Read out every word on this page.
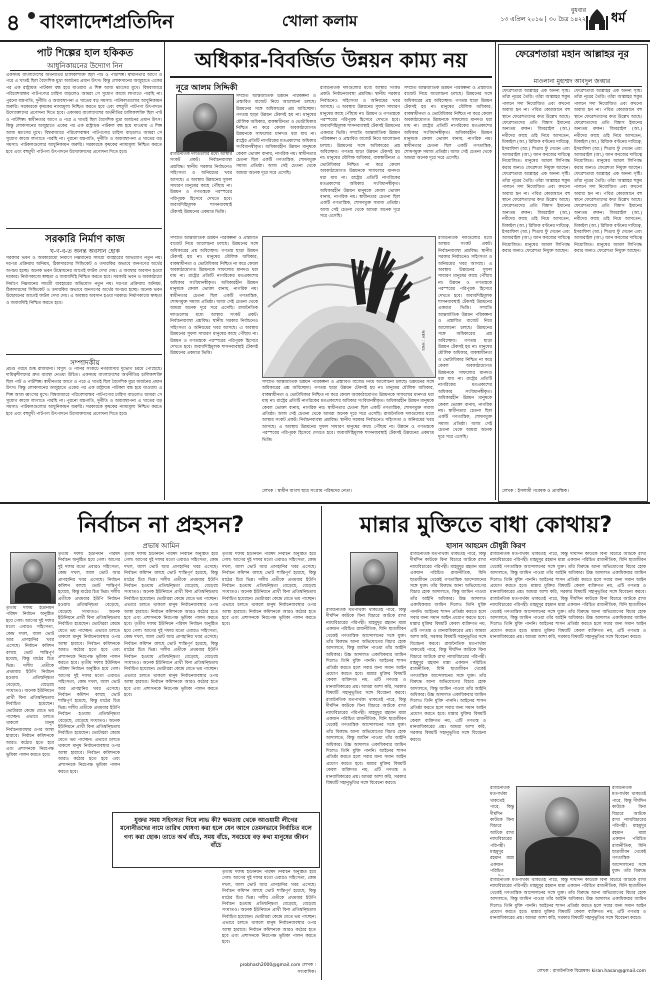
৪ বাংলাদেশপ্রতিদিন	খোলা কলাম
বুধবার
১৩ এপ্রিল ২০১৬ | ৩০ চৈত্র ১৪২২ ধর্ম
পাট শিল্পের হাল হকিকত
আধুনিকায়নের উদ্যোগ নিন
একসময় বাংলাদেশের অর্থনীতির চালিকাশক্তি ছিল পাট ও পাটশিল্প। স্বাধীনতার আগে ও পরে এ খাতই ছিল বৈদেশিক মুদ্রা অর্জনের প্রধান উৎস। কিন্তু লোকসানের অজুহাতে একের পর এক রাষ্ট্রায়ত্ত পাটকল বন্ধ হয়ে যাওয়ায় এ শিল্প আজ ধ্বংসের মুখে। বিশ্ববাজারে পরিবেশবান্ধব পাটপণ্যের চাহিদা বাড়লেও আমরা সে সুযোগ কাজে লাগাতে পারছি না। পুরনো যন্ত্রপাতি, দুর্নীতি ও অব্যবস্থাপনা এ খাতের বড় সমস্যা। পাটকলগুলোর আধুনিকায়ন জরুরি। সরকারকে কৃষকের ন্যায্যমূল্য নিশ্চিত করতে হবে এবং বহুমুখী পাটপণ্য উৎপাদনে উদ্যোক্তাদের প্রণোদনা দিতে হবে। একসময় বাংলাদেশের অর্থনীতির চালিকাশক্তি ছিল পাট ও পাটশিল্প। স্বাধীনতার আগে ও পরে এ খাতই ছিল বৈদেশিক মুদ্রা অর্জনের প্রধান উৎস। কিন্তু লোকসানের অজুহাতে একের পর এক রাষ্ট্রায়ত্ত পাটকল বন্ধ হয়ে যাওয়ায় এ শিল্প আজ ধ্বংসের মুখে। বিশ্ববাজারে পরিবেশবান্ধব পাটপণ্যের চাহিদা বাড়লেও আমরা সে সুযোগ কাজে লাগাতে পারছি না। পুরনো যন্ত্রপাতি, দুর্নীতি ও অব্যবস্থাপনা এ খাতের বড় সমস্যা। পাটকলগুলোর আধুনিকায়ন জরুরি। সরকারকে কৃষকের ন্যায্যমূল্য নিশ্চিত করতে হবে এবং বহুমুখী পাটপণ্য উৎপাদনে উদ্যোক্তাদের প্রণোদনা দিতে হবে।
সরকারি নির্মাণ কাজ
ঘ-ণ-ব-ত অনন্ত অবসান হোক
সরকারি ভবন ও অবকাঠামো নির্মাণে নিম্নমানের সামগ্রী ব্যবহারের অভিযোগ নতুন নয়। দরপত্র প্রক্রিয়ায় অনিয়ম, ঠিকাদারদের সিন্ডিকেট ও তদারকির অভাবে জনগণের অর্থের অপচয় হচ্ছে। অনেক ভবন উদ্বোধনের আগেই ফাটল দেখা দেয়। এ অবস্থার অবসান হওয়া দরকার। নির্মাণকাজে স্বচ্ছতা ও জবাবদিহি নিশ্চিত করতে হবে। সরকারি ভবন ও অবকাঠামো নির্মাণে নিম্নমানের সামগ্রী ব্যবহারের অভিযোগ নতুন নয়। দরপত্র প্রক্রিয়ায় অনিয়ম, ঠিকাদারদের সিন্ডিকেট ও তদারকির অভাবে জনগণের অর্থের অপচয় হচ্ছে। অনেক ভবন উদ্বোধনের আগেই ফাটল দেখা দেয়। এ অবস্থার অবসান হওয়া দরকার। নির্মাণকাজে স্বচ্ছতা ও জবাবদিহি নিশ্চিত করতে হবে।
সম্পাদকীয়
প্রচণ্ড গরমে শুষ্ক রাজধানী। বিদ্যুৎ ও পানির সংকটে নগরবাসীর দুর্ভোগ চরমে পৌঁছেছে। দায়িত্বশীলদের দ্রুত ব্যবস্থা নেওয়া উচিত। একসময় বাংলাদেশের অর্থনীতির চালিকাশক্তি ছিল পাট ও পাটশিল্প। স্বাধীনতার আগে ও পরে এ খাতই ছিল বৈদেশিক মুদ্রা অর্জনের প্রধান উৎস। কিন্তু লোকসানের অজুহাতে একের পর এক রাষ্ট্রায়ত্ত পাটকল বন্ধ হয়ে যাওয়ায় এ শিল্প আজ ধ্বংসের মুখে। বিশ্ববাজারে পরিবেশবান্ধব পাটপণ্যের চাহিদা বাড়লেও আমরা সে সুযোগ কাজে লাগাতে পারছি না। পুরনো যন্ত্রপাতি, দুর্নীতি ও অব্যবস্থাপনা এ খাতের বড় সমস্যা। পাটকলগুলোর আধুনিকায়ন জরুরি। সরকারকে কৃষকের ন্যায্যমূল্য নিশ্চিত করতে হবে এবং বহুমুখী পাটপণ্য উৎপাদনে উদ্যোক্তাদের প্রণোদনা দিতে হবে।
অধিকার-বিবর্জিত উন্নয়ন কাম্য নয়
নূরে আলম সিদ্দিকী
সম্প্রতি আন্তর্জাতিক উন্নয়ন পরিকল্পনা ও প্রস্তাবিত বাজেট নিয়ে আলোচনা চলছে। উন্নয়নের সঙ্গে অধিকারের প্রশ্ন অবিচ্ছেদ্য। গণতন্ত্র ছাড়া উন্নয়ন টেকসই হয় না। মানুষের মৌলিক অধিকার, বাকস্বাধীনতা ও ভোটাধিকার নিশ্চিত না করে কেবল অবকাঠামোগত উন্নয়নকে সাফল্যের মানদণ্ড ধরা যায় না। রাষ্ট্রের প্রতিটি নাগরিকের মতপ্রকাশের অধিকার সংবিধানস্বীকৃত। অধিকারহীন উন্নয়ন মানুষকে কেবল ভোক্তা বানায়, নাগরিক নয়। স্বাধীনতার চেতনা ছিল একটি গণতান্ত্রিক, শোষণমুক্ত সমাজ প্রতিষ্ঠা। আজ সেই চেতনা থেকে আমরা অনেক দূরে সরে এসেছি।
রাজনৈতিক দলগুলোর মধ্যে আস্থার সংকট প্রকট। নির্বাচনব্যবস্থা প্রশ্নবিদ্ধ। স্থানীয় সরকার নির্বাচনেও সহিংসতা ও অনিয়মের খবর আসছে। এ অবস্থায় উন্নয়নের সুফল সাধারণ মানুষের কাছে পৌঁছায় না। উন্নয়ন ও গণতন্ত্রকে পরস্পরের পরিপূরক হিসেবে দেখতে হবে। জবাবদিহিমূলক শাসনব্যবস্থাই টেকসই উন্নয়নের একমাত্র ভিত্তি। সম্প্রতি আন্তর্জাতিক উন্নয়ন পরিকল্পনা ও প্রস্তাবিত বাজেট নিয়ে আলোচনা চলছে। উন্নয়নের সঙ্গে অধিকারের প্রশ্ন অবিচ্ছেদ্য। গণতন্ত্র ছাড়া উন্নয়ন টেকসই হয় না। মানুষের মৌলিক অধিকার, বাকস্বাধীনতা ও ভোটাধিকার নিশ্চিত না করে কেবল অবকাঠামোগত উন্নয়নকে সাফল্যের মানদণ্ড ধরা যায় না। রাষ্ট্রের প্রতিটি নাগরিকের মতপ্রকাশের অধিকার সংবিধানস্বীকৃত। অধিকারহীন উন্নয়ন মানুষকে কেবল ভোক্তা বানায়, নাগরিক নয়। স্বাধীনতার চেতনা ছিল একটি গণতান্ত্রিক, শোষণমুক্ত সমাজ প্রতিষ্ঠা। আজ সেই চেতনা থেকে আমরা অনেক দূরে সরে এসেছি।
সম্প্রতি আন্তর্জাতিক উন্নয়ন পরিকল্পনা ও প্রস্তাবিত বাজেট নিয়ে আলোচনা চলছে। উন্নয়নের সঙ্গে অধিকারের প্রশ্ন অবিচ্ছেদ্য। গণতন্ত্র ছাড়া উন্নয়ন টেকসই হয় না। মানুষের মৌলিক অধিকার, বাকস্বাধীনতা ও ভোটাধিকার নিশ্চিত না করে কেবল অবকাঠামোগত উন্নয়নকে সাফল্যের মানদণ্ড ধরা যায় না। রাষ্ট্রের প্রতিটি নাগরিকের মতপ্রকাশের অধিকার সংবিধানস্বীকৃত। অধিকারহীন উন্নয়ন মানুষকে কেবল ভোক্তা বানায়, নাগরিক নয়। স্বাধীনতার চেতনা ছিল একটি গণতান্ত্রিক, শোষণমুক্ত সমাজ প্রতিষ্ঠা। আজ সেই চেতনা থেকে আমরা অনেক দূরে সরে এসেছি।
রাজনৈতিক দলগুলোর মধ্যে আস্থার সংকট প্রকট। নির্বাচনব্যবস্থা প্রশ্নবিদ্ধ। স্থানীয় সরকার নির্বাচনেও সহিংসতা ও অনিয়মের খবর আসছে। এ অবস্থায় উন্নয়নের সুফল সাধারণ মানুষের কাছে পৌঁছায় না। উন্নয়ন ও গণতন্ত্রকে পরস্পরের পরিপূরক হিসেবে দেখতে হবে। জবাবদিহিমূলক শাসনব্যবস্থাই টেকসই উন্নয়নের একমাত্র ভিত্তি।
অঙ্কন : তন্ময়
সম্প্রতি আন্তর্জাতিক উন্নয়ন পরিকল্পনা ও প্রস্তাবিত বাজেট নিয়ে আলোচনা চলছে। উন্নয়নের সঙ্গে অধিকারের প্রশ্ন অবিচ্ছেদ্য। গণতন্ত্র ছাড়া উন্নয়ন টেকসই হয় না। মানুষের মৌলিক অধিকার, বাকস্বাধীনতা ও ভোটাধিকার নিশ্চিত না করে কেবল অবকাঠামোগত উন্নয়নকে সাফল্যের মানদণ্ড ধরা যায় না। রাষ্ট্রের প্রতিটি নাগরিকের মতপ্রকাশের অধিকার সংবিধানস্বীকৃত। অধিকারহীন উন্নয়ন মানুষকে কেবল ভোক্তা বানায়, নাগরিক নয়। স্বাধীনতার চেতনা ছিল একটি গণতান্ত্রিক, শোষণমুক্ত সমাজ প্রতিষ্ঠা। আজ সেই চেতনা থেকে আমরা অনেক দূরে সরে এসেছি। রাজনৈতিক দলগুলোর মধ্যে আস্থার সংকট প্রকট। নির্বাচনব্যবস্থা প্রশ্নবিদ্ধ। স্থানীয় সরকার নির্বাচনেও সহিংসতা ও অনিয়মের খবর আসছে। এ অবস্থায় উন্নয়নের সুফল সাধারণ মানুষের কাছে পৌঁছায় না। উন্নয়ন ও গণতন্ত্রকে পরস্পরের পরিপূরক হিসেবে দেখতে হবে। জবাবদিহিমূলক শাসনব্যবস্থাই টেকসই উন্নয়নের একমাত্র ভিত্তি।
রাজনৈতিক দলগুলোর মধ্যে আস্থার সংকট প্রকট। নির্বাচনব্যবস্থা প্রশ্নবিদ্ধ। স্থানীয় সরকার নির্বাচনেও সহিংসতা ও অনিয়মের খবর আসছে। এ অবস্থায় উন্নয়নের সুফল সাধারণ মানুষের কাছে পৌঁছায় না। উন্নয়ন ও গণতন্ত্রকে পরস্পরের পরিপূরক হিসেবে দেখতে হবে। জবাবদিহিমূলক শাসনব্যবস্থাই টেকসই উন্নয়নের একমাত্র ভিত্তি। সম্প্রতি আন্তর্জাতিক উন্নয়ন পরিকল্পনা ও প্রস্তাবিত বাজেট নিয়ে আলোচনা চলছে। উন্নয়নের সঙ্গে অধিকারের প্রশ্ন অবিচ্ছেদ্য। গণতন্ত্র ছাড়া উন্নয়ন টেকসই হয় না। মানুষের মৌলিক অধিকার, বাকস্বাধীনতা ও ভোটাধিকার নিশ্চিত না করে কেবল অবকাঠামোগত উন্নয়নকে সাফল্যের মানদণ্ড ধরা যায় না। রাষ্ট্রের প্রতিটি নাগরিকের মতপ্রকাশের অধিকার সংবিধানস্বীকৃত। অধিকারহীন উন্নয়ন মানুষকে কেবল ভোক্তা বানায়, নাগরিক নয়। স্বাধীনতার চেতনা ছিল একটি গণতান্ত্রিক, শোষণমুক্ত সমাজ প্রতিষ্ঠা। আজ সেই চেতনা থেকে আমরা অনেক দূরে সরে এসেছি।
সম্প্রতি আন্তর্জাতিক উন্নয়ন পরিকল্পনা ও প্রস্তাবিত বাজেট নিয়ে আলোচনা চলছে। উন্নয়নের সঙ্গে অধিকারের প্রশ্ন অবিচ্ছেদ্য। গণতন্ত্র ছাড়া উন্নয়ন টেকসই হয় না। মানুষের মৌলিক অধিকার, বাকস্বাধীনতা ও ভোটাধিকার নিশ্চিত না করে কেবল অবকাঠামোগত উন্নয়নকে সাফল্যের মানদণ্ড ধরা যায় না। রাষ্ট্রের প্রতিটি নাগরিকের মতপ্রকাশের অধিকার সংবিধানস্বীকৃত। অধিকারহীন উন্নয়ন মানুষকে কেবল ভোক্তা বানায়, নাগরিক নয়। স্বাধীনতার চেতনা ছিল একটি গণতান্ত্রিক, শোষণমুক্ত সমাজ প্রতিষ্ঠা। আজ সেই চেতনা থেকে আমরা অনেক দূরে সরে এসেছি। রাজনৈতিক দলগুলোর মধ্যে আস্থার সংকট প্রকট। নির্বাচনব্যবস্থা প্রশ্নবিদ্ধ। স্থানীয় সরকার নির্বাচনেও সহিংসতা ও অনিয়মের খবর আসছে। এ অবস্থায় উন্নয়নের সুফল সাধারণ মানুষের কাছে পৌঁছায় না। উন্নয়ন ও গণতন্ত্রকে পরস্পরের পরিপূরক হিসেবে দেখতে হবে। জবাবদিহিমূলক শাসনব্যবস্থাই টেকসই উন্নয়নের একমাত্র ভিত্তি।
লেখক : স্বাধীন বাংলা ছাত্র সংগ্রাম পরিষদের নেতা।
ফেরেশতারা মহান আল্লাহর নূর
মাওলানা মুহাম্মদ আবদুল জব্বার
ফেরেশতারা আল্লাহর এক অনন্য সৃষ্টি। তাঁরা নূরের তৈরি। তাঁরা আল্লাহর হুকুম পালনে সদা নিয়োজিত এবং কখনো অবাধ্য হন না। পবিত্র কোরআনে বহু স্থানে ফেরেশতাদের কথা উল্লেখ আছে। ফেরেশতাদের প্রতি বিশ্বাস ইমানের অন্যতম রুকন। জিবরাইল (আ.) নবীদের কাছে ওহি নিয়ে আসতেন, মিকাইল (আ.) রিজিক বণ্টনের দায়িত্বে, ইসরাফিল (আ.) শিঙায় ফুঁ দেবেন এবং আজরাইল (আ.) জান কবজের দায়িত্বে নিয়োজিত। মানুষের আমল লিপিবদ্ধ করার জন্যও ফেরেশতা নিযুক্ত আছেন। ফেরেশতারা আল্লাহর এক অনন্য সৃষ্টি। তাঁরা নূরের তৈরি। তাঁরা আল্লাহর হুকুম পালনে সদা নিয়োজিত এবং কখনো অবাধ্য হন না। পবিত্র কোরআনে বহু স্থানে ফেরেশতাদের কথা উল্লেখ আছে। ফেরেশতাদের প্রতি বিশ্বাস ইমানের অন্যতম রুকন। জিবরাইল (আ.) নবীদের কাছে ওহি নিয়ে আসতেন, মিকাইল (আ.) রিজিক বণ্টনের দায়িত্বে, ইসরাফিল (আ.) শিঙায় ফুঁ দেবেন এবং আজরাইল (আ.) জান কবজের দায়িত্বে নিয়োজিত। মানুষের আমল লিপিবদ্ধ করার জন্যও ফেরেশতা নিযুক্ত আছেন।
ফেরেশতারা আল্লাহর এক অনন্য সৃষ্টি। তাঁরা নূরের তৈরি। তাঁরা আল্লাহর হুকুম পালনে সদা নিয়োজিত এবং কখনো অবাধ্য হন না। পবিত্র কোরআনে বহু স্থানে ফেরেশতাদের কথা উল্লেখ আছে। ফেরেশতাদের প্রতি বিশ্বাস ইমানের অন্যতম রুকন। জিবরাইল (আ.) নবীদের কাছে ওহি নিয়ে আসতেন, মিকাইল (আ.) রিজিক বণ্টনের দায়িত্বে, ইসরাফিল (আ.) শিঙায় ফুঁ দেবেন এবং আজরাইল (আ.) জান কবজের দায়িত্বে নিয়োজিত। মানুষের আমল লিপিবদ্ধ করার জন্যও ফেরেশতা নিযুক্ত আছেন। ফেরেশতারা আল্লাহর এক অনন্য সৃষ্টি। তাঁরা নূরের তৈরি। তাঁরা আল্লাহর হুকুম পালনে সদা নিয়োজিত এবং কখনো অবাধ্য হন না। পবিত্র কোরআনে বহু স্থানে ফেরেশতাদের কথা উল্লেখ আছে। ফেরেশতাদের প্রতি বিশ্বাস ইমানের অন্যতম রুকন। জিবরাইল (আ.) নবীদের কাছে ওহি নিয়ে আসতেন, মিকাইল (আ.) রিজিক বণ্টনের দায়িত্বে, ইসরাফিল (আ.) শিঙায় ফুঁ দেবেন এবং আজরাইল (আ.) জান কবজের দায়িত্বে নিয়োজিত। মানুষের আমল লিপিবদ্ধ করার জন্যও ফেরেশতা নিযুক্ত আছেন।
লেখক : ইসলামী গবেষক ও প্রাবন্ধিক।
নির্বাচন না প্রহসন?
প্রভাষ আমিন
তৃতীয় দফায় ইউনিয়ন পরিষদ নির্বাচন অনুষ্ঠিত হয়ে গেল। আগের দুই দফার মতো এবারও সহিংসতা, কেন্দ্র দখল, জাল ভোট আর প্রাণহানির খবর এসেছে। নির্বাচন কমিশন বলছে ভোট শান্তিপূর্ণ হয়েছে, কিন্তু মাঠের চিত্র ভিন্ন। দলীয় প্রতীকে প্রথমবার ইউপি নির্বাচন হওয়ায় প্রতিদ্বন্দ্বিতা বেড়েছে, বেড়েছে সংঘাতও। অনেক ইউনিয়নে প্রার্থী বিনা প্রতিদ্বন্দ্বিতায় নির্বাচিত হয়েছেন। ভোটাররা কেন্দ্রে যেতে ভয় পাচ্ছেন। এভাবে চলতে থাকলে মানুষ নির্বাচনব্যবস্থার ওপর আস্থা হারাবে। নির্বাচন কমিশনকে আরও কঠোর হতে হবে এবং প্রশাসনকে নিরপেক্ষ ভূমিকা পালন করতে হবে। তৃতীয় দফায় ইউনিয়ন পরিষদ নির্বাচন অনুষ্ঠিত হয়ে গেল। আগের দুই দফার মতো এবারও সহিংসতা, কেন্দ্র দখল, জাল ভোট আর প্রাণহানির খবর এসেছে। নির্বাচন কমিশন বলছে ভোট শান্তিপূর্ণ হয়েছে, কিন্তু মাঠের চিত্র ভিন্ন। দলীয় প্রতীকে প্রথমবার ইউপি নির্বাচন হওয়ায় প্রতিদ্বন্দ্বিতা বেড়েছে, বেড়েছে সংঘাতও। অনেক ইউনিয়নে প্রার্থী বিনা প্রতিদ্বন্দ্বিতায় নির্বাচিত হয়েছেন। ভোটাররা কেন্দ্রে যেতে ভয় পাচ্ছেন। এভাবে চলতে থাকলে মানুষ নির্বাচনব্যবস্থার ওপর আস্থা হারাবে। নির্বাচন কমিশনকে আরও কঠোর হতে হবে এবং প্রশাসনকে নিরপেক্ষ ভূমিকা পালন করতে হবে।
তৃতীয় দফায় ইউনিয়ন পরিষদ নির্বাচন অনুষ্ঠিত হয়ে গেল। আগের দুই দফার মতো এবারও সহিংসতা, কেন্দ্র দখল, জাল ভোট আর প্রাণহানির খবর এসেছে। নির্বাচন কমিশন বলছে ভোট শান্তিপূর্ণ হয়েছে, কিন্তু মাঠের চিত্র ভিন্ন। দলীয় প্রতীকে প্রথমবার ইউপি নির্বাচন হওয়ায় প্রতিদ্বন্দ্বিতা বেড়েছে, বেড়েছে সংঘাতও। অনেক ইউনিয়নে প্রার্থী বিনা প্রতিদ্বন্দ্বিতায় নির্বাচিত হয়েছেন। ভোটাররা কেন্দ্রে যেতে ভয় পাচ্ছেন। এভাবে চলতে থাকলে মানুষ নির্বাচনব্যবস্থার ওপর আস্থা হারাবে। নির্বাচন কমিশনকে আরও কঠোর হতে হবে এবং প্রশাসনকে নিরপেক্ষ ভূমিকা পালন করতে হবে।
তৃতীয় দফায় ইউনিয়ন পরিষদ নির্বাচন অনুষ্ঠিত হয়ে গেল। আগের দুই দফার মতো এবারও সহিংসতা, কেন্দ্র দখল, জাল ভোট আর প্রাণহানির খবর এসেছে। নির্বাচন কমিশন বলছে ভোট শান্তিপূর্ণ হয়েছে, কিন্তু মাঠের চিত্র ভিন্ন। দলীয় প্রতীকে প্রথমবার ইউপি নির্বাচন হওয়ায় প্রতিদ্বন্দ্বিতা বেড়েছে, বেড়েছে সংঘাতও। অনেক ইউনিয়নে প্রার্থী বিনা প্রতিদ্বন্দ্বিতায় নির্বাচিত হয়েছেন। ভোটাররা কেন্দ্রে যেতে ভয় পাচ্ছেন। এভাবে চলতে থাকলে মানুষ নির্বাচনব্যবস্থার ওপর আস্থা হারাবে। নির্বাচন কমিশনকে আরও কঠোর হতে হবে এবং প্রশাসনকে নিরপেক্ষ ভূমিকা পালন করতে হবে। তৃতীয় দফায় ইউনিয়ন পরিষদ নির্বাচন অনুষ্ঠিত হয়ে গেল। আগের দুই দফার মতো এবারও সহিংসতা, কেন্দ্র দখল, জাল ভোট আর প্রাণহানির খবর এসেছে। নির্বাচন কমিশন বলছে ভোট শান্তিপূর্ণ হয়েছে, কিন্তু মাঠের চিত্র ভিন্ন। দলীয় প্রতীকে প্রথমবার ইউপি নির্বাচন হওয়ায় প্রতিদ্বন্দ্বিতা বেড়েছে, বেড়েছে সংঘাতও। অনেক ইউনিয়নে প্রার্থী বিনা প্রতিদ্বন্দ্বিতায় নির্বাচিত হয়েছেন। ভোটাররা কেন্দ্রে যেতে ভয় পাচ্ছেন। এভাবে চলতে থাকলে মানুষ নির্বাচনব্যবস্থার ওপর আস্থা হারাবে। নির্বাচন কমিশনকে আরও কঠোর হতে হবে এবং প্রশাসনকে নিরপেক্ষ ভূমিকা পালন করতে হবে।
তৃতীয় দফায় ইউনিয়ন পরিষদ নির্বাচন অনুষ্ঠিত হয়ে গেল। আগের দুই দফার মতো এবারও সহিংসতা, কেন্দ্র দখল, জাল ভোট আর প্রাণহানির খবর এসেছে। নির্বাচন কমিশন বলছে ভোট শান্তিপূর্ণ হয়েছে, কিন্তু মাঠের চিত্র ভিন্ন। দলীয় প্রতীকে প্রথমবার ইউপি নির্বাচন হওয়ায় প্রতিদ্বন্দ্বিতা বেড়েছে, বেড়েছে সংঘাতও। অনেক ইউনিয়নে প্রার্থী বিনা প্রতিদ্বন্দ্বিতায় নির্বাচিত হয়েছেন। ভোটাররা কেন্দ্রে যেতে ভয় পাচ্ছেন। এভাবে চলতে থাকলে মানুষ নির্বাচনব্যবস্থার ওপর আস্থা হারাবে। নির্বাচন কমিশনকে আরও কঠোর হতে হবে এবং প্রশাসনকে নিরপেক্ষ ভূমিকা পালন করতে হবে।
যুক্তর সময় সহিংসতা দিয়ে লাভ কী? ক্ষমতায় থেকে আওয়ামী লীগের মনোনীতদের নামে তারিখ ঘোষণা করা হলে যেন আগে তেমনভাবে নির্বাচিত বলে গণ্য করা হোক। তাতে অর্থ বাঁচে, সময় বাঁচে, সবচেয়ে বড় কথা মানুষের জীবন বাঁচে
তৃতীয় দফায় ইউনিয়ন পরিষদ নির্বাচন অনুষ্ঠিত হয়ে গেল। আগের দুই দফার মতো এবারও সহিংসতা, কেন্দ্র দখল, জাল ভোট আর প্রাণহানির খবর এসেছে। নির্বাচন কমিশন বলছে ভোট শান্তিপূর্ণ হয়েছে, কিন্তু মাঠের চিত্র ভিন্ন। দলীয় প্রতীকে প্রথমবার ইউপি নির্বাচন হওয়ায় প্রতিদ্বন্দ্বিতা বেড়েছে, বেড়েছে সংঘাতও। অনেক ইউনিয়নে প্রার্থী বিনা প্রতিদ্বন্দ্বিতায় নির্বাচিত হয়েছেন। ভোটাররা কেন্দ্রে যেতে ভয় পাচ্ছেন। এভাবে চলতে থাকলে মানুষ নির্বাচনব্যবস্থার ওপর আস্থা হারাবে। নির্বাচন কমিশনকে আরও কঠোর হতে হবে এবং প্রশাসনকে নিরপেক্ষ ভূমিকা পালন করতে হবে।
probhash2000@gmail.com লেখক : সাংবাদিক।
মান্নার মুক্তিতে বাধা কোথায়?
হাসান আহমেদ চৌধুরী কিরণ
রাজনৈতিক মতপার্থক্য থাকতেই পারে, কিন্তু দীর্ঘদিন কাউকে বিনা বিচারে আটকে রাখা ন্যায়বিচারের পরিপন্থী। মাহমুদুর রহমান মান্না একজন পরিচিত রাজনীতিক, যিনি ছাত্রজীবন থেকেই গণতান্ত্রিক আন্দোলনের সঙ্গে যুক্ত। তাঁর বিরুদ্ধে আনা অভিযোগের বিচার হোক আদালতে, কিন্তু জামিন পাওয়া তাঁর আইনি অধিকার। উচ্চ আদালত একাধিকবার জামিন দিলেও তিনি মুক্তি পাননি। আইনের শাসন প্রতিষ্ঠা করতে হলে সবার জন্য সমান আইন প্রয়োগ করতে হবে। মান্নার মুক্তির বিষয়টি কেবল ব্যক্তিগত নয়, এটি গণতন্ত্র ও মানবাধিকারের প্রশ্ন। আমরা আশা করি, সরকার বিষয়টি সহানুভূতির সঙ্গে বিবেচনা করবে। রাজনৈতিক মতপার্থক্য থাকতেই পারে, কিন্তু দীর্ঘদিন কাউকে বিনা বিচারে আটকে রাখা ন্যায়বিচারের পরিপন্থী। মাহমুদুর রহমান মান্না একজন পরিচিত রাজনীতিক, যিনি ছাত্রজীবন থেকেই গণতান্ত্রিক আন্দোলনের সঙ্গে যুক্ত। তাঁর বিরুদ্ধে আনা অভিযোগের বিচার হোক আদালতে, কিন্তু জামিন পাওয়া তাঁর আইনি অধিকার। উচ্চ আদালত একাধিকবার জামিন দিলেও তিনি মুক্তি পাননি। আইনের শাসন প্রতিষ্ঠা করতে হলে সবার জন্য সমান আইন প্রয়োগ করতে হবে। মান্নার মুক্তির বিষয়টি কেবল ব্যক্তিগত নয়, এটি গণতন্ত্র ও মানবাধিকারের প্রশ্ন। আমরা আশা করি, সরকার বিষয়টি সহানুভূতির সঙ্গে বিবেচনা করবে।
রাজনৈতিক মতপার্থক্য থাকতেই পারে, কিন্তু দীর্ঘদিন কাউকে বিনা বিচারে আটকে রাখা ন্যায়বিচারের পরিপন্থী। মাহমুদুর রহমান মান্না একজন পরিচিত রাজনীতিক, যিনি ছাত্রজীবন থেকেই গণতান্ত্রিক আন্দোলনের সঙ্গে যুক্ত। তাঁর বিরুদ্ধে আনা অভিযোগের বিচার হোক আদালতে, কিন্তু জামিন পাওয়া তাঁর আইনি অধিকার। উচ্চ আদালত একাধিকবার জামিন দিলেও তিনি মুক্তি পাননি। আইনের শাসন প্রতিষ্ঠা করতে হলে সবার জন্য সমান আইন প্রয়োগ করতে হবে। মান্নার মুক্তির বিষয়টি কেবল ব্যক্তিগত নয়, এটি গণতন্ত্র ও মানবাধিকারের প্রশ্ন। আমরা আশা করি, সরকার বিষয়টি সহানুভূতির সঙ্গে বিবেচনা করবে। রাজনৈতিক মতপার্থক্য থাকতেই পারে, কিন্তু দীর্ঘদিন কাউকে বিনা বিচারে আটকে রাখা ন্যায়বিচারের পরিপন্থী। মাহমুদুর রহমান মান্না একজন পরিচিত রাজনীতিক, যিনি ছাত্রজীবন থেকেই গণতান্ত্রিক আন্দোলনের সঙ্গে যুক্ত। তাঁর বিরুদ্ধে আনা অভিযোগের বিচার হোক আদালতে, কিন্তু জামিন পাওয়া তাঁর আইনি অধিকার। উচ্চ আদালত একাধিকবার জামিন দিলেও তিনি মুক্তি পাননি। আইনের শাসন প্রতিষ্ঠা করতে হলে সবার জন্য সমান আইন প্রয়োগ করতে হবে। মান্নার মুক্তির বিষয়টি কেবল ব্যক্তিগত নয়, এটি গণতন্ত্র ও মানবাধিকারের প্রশ্ন। আমরা আশা করি, সরকার বিষয়টি সহানুভূতির সঙ্গে বিবেচনা করবে।
রাজনৈতিক মতপার্থক্য থাকতেই পারে, কিন্তু দীর্ঘদিন কাউকে বিনা বিচারে আটকে রাখা ন্যায়বিচারের পরিপন্থী। মাহমুদুর রহমান মান্না একজন পরিচিত রাজনীতিক, যিনি ছাত্রজীবন থেকেই গণতান্ত্রিক আন্দোলনের সঙ্গে যুক্ত। তাঁর বিরুদ্ধে আনা অভিযোগের বিচার হোক আদালতে, কিন্তু জামিন পাওয়া তাঁর আইনি অধিকার। উচ্চ আদালত একাধিকবার জামিন দিলেও তিনি মুক্তি পাননি। আইনের শাসন প্রতিষ্ঠা করতে হলে সবার জন্য সমান আইন প্রয়োগ করতে হবে। মান্নার মুক্তির বিষয়টি কেবল ব্যক্তিগত নয়, এটি গণতন্ত্র ও মানবাধিকারের প্রশ্ন। আমরা আশা করি, সরকার বিষয়টি সহানুভূতির সঙ্গে বিবেচনা করবে। রাজনৈতিক মতপার্থক্য থাকতেই পারে, কিন্তু দীর্ঘদিন কাউকে বিনা বিচারে আটকে রাখা ন্যায়বিচারের পরিপন্থী। মাহমুদুর রহমান মান্না একজন পরিচিত রাজনীতিক, যিনি ছাত্রজীবন থেকেই গণতান্ত্রিক আন্দোলনের সঙ্গে যুক্ত। তাঁর বিরুদ্ধে আনা অভিযোগের বিচার হোক আদালতে, কিন্তু জামিন পাওয়া তাঁর আইনি অধিকার। উচ্চ আদালত একাধিকবার জামিন দিলেও তিনি মুক্তি পাননি। আইনের শাসন প্রতিষ্ঠা করতে হলে সবার জন্য সমান আইন প্রয়োগ করতে হবে। মান্নার মুক্তির বিষয়টি কেবল ব্যক্তিগত নয়, এটি গণতন্ত্র ও মানবাধিকারের প্রশ্ন। আমরা আশা করি, সরকার বিষয়টি সহানুভূতির সঙ্গে বিবেচনা করবে।
রাজনৈতিক মতপার্থক্য থাকতেই পারে, কিন্তু দীর্ঘদিন কাউকে বিনা বিচারে আটকে রাখা ন্যায়বিচারের পরিপন্থী। মাহমুদুর রহমান মান্না একজন পরিচিত
রাজনৈতিক মতপার্থক্য থাকতেই পারে, কিন্তু দীর্ঘদিন কাউকে বিনা বিচারে আটকে রাখা ন্যায়বিচারের পরিপন্থী। মাহমুদুর রহমান মান্না একজন পরিচিত রাজনীতিক, যিনি ছাত্রজীবন থেকেই গণতান্ত্রিক আন্দোলনের সঙ্গে যুক্ত। তাঁর বিরুদ্ধে
রাজনৈতিক মতপার্থক্য থাকতেই পারে, কিন্তু দীর্ঘদিন কাউকে বিনা বিচারে আটকে রাখা ন্যায়বিচারের পরিপন্থী। মাহমুদুর রহমান মান্না একজন পরিচিত রাজনীতিক, যিনি ছাত্রজীবন থেকেই গণতান্ত্রিক আন্দোলনের সঙ্গে যুক্ত। তাঁর বিরুদ্ধে আনা অভিযোগের বিচার হোক আদালতে, কিন্তু জামিন পাওয়া তাঁর আইনি অধিকার। উচ্চ আদালত একাধিকবার জামিন দিলেও তিনি মুক্তি পাননি। আইনের শাসন প্রতিষ্ঠা করতে হলে সবার জন্য সমান আইন প্রয়োগ করতে হবে। মান্নার মুক্তির বিষয়টি কেবল ব্যক্তিগত নয়, এটি গণতন্ত্র ও মানবাধিকারের প্রশ্ন। আমরা আশা করি, সরকার বিষয়টি সহানুভূতির সঙ্গে বিবেচনা করবে।
লেখক : রাজনৈতিক বিশ্লেষক। kiran.hasan@gmail.com
